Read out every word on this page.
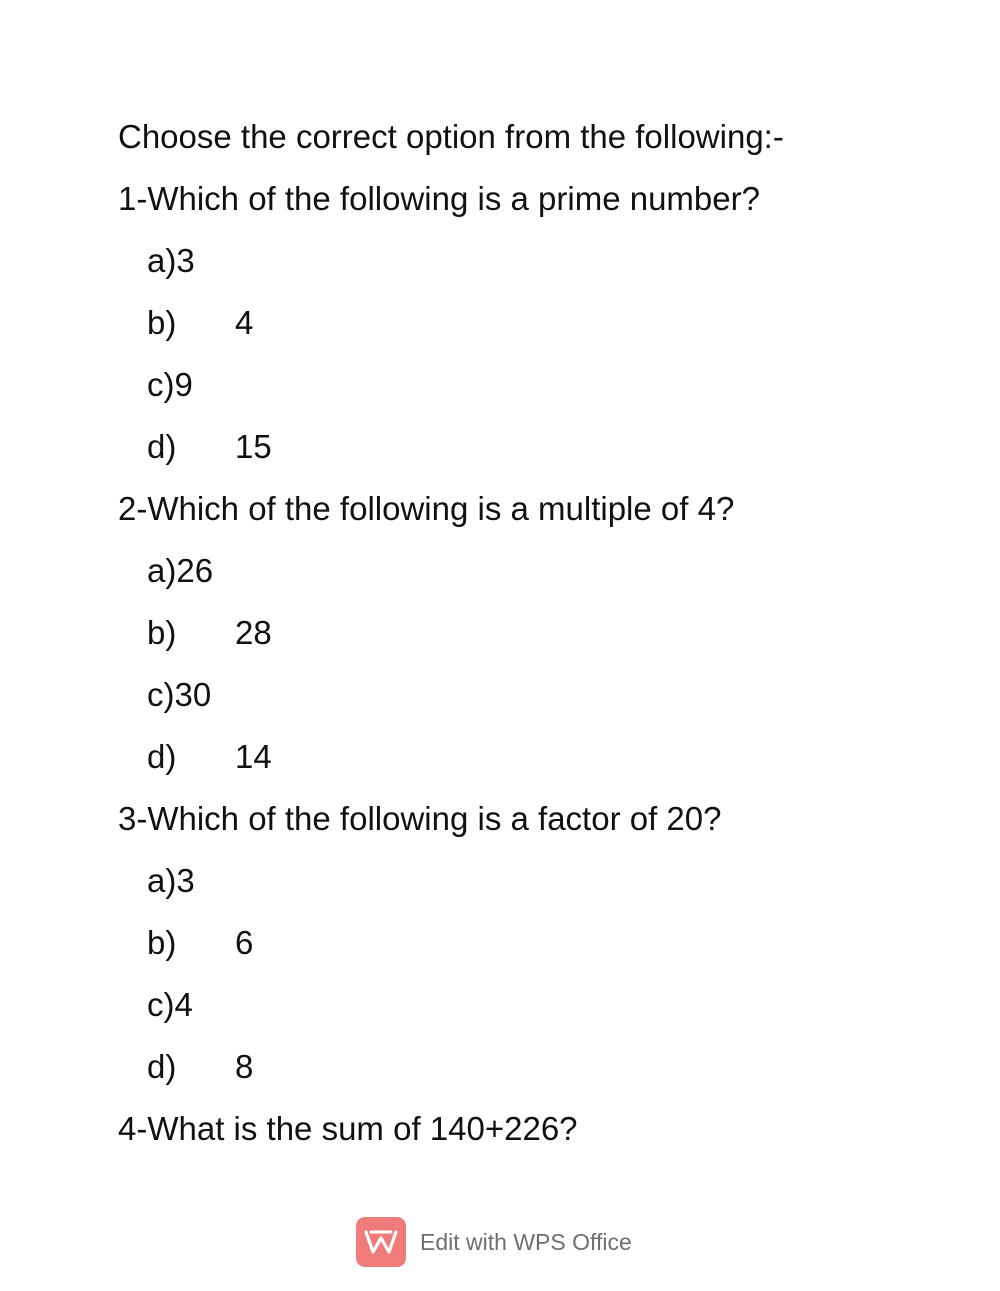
Choose the correct option from the following:-

1-Which of the following is a prime number?

a)3

b) 4

c)9

d) 15

2-Which of the following is a multiple of 4?

a)26

b) 28

c)30

d) 14

3-Which of the following is a factor of 20?

a)3

b) 6

c)4

d) 8

4-What is the sum of 140+226?

Edit with WPS Office
